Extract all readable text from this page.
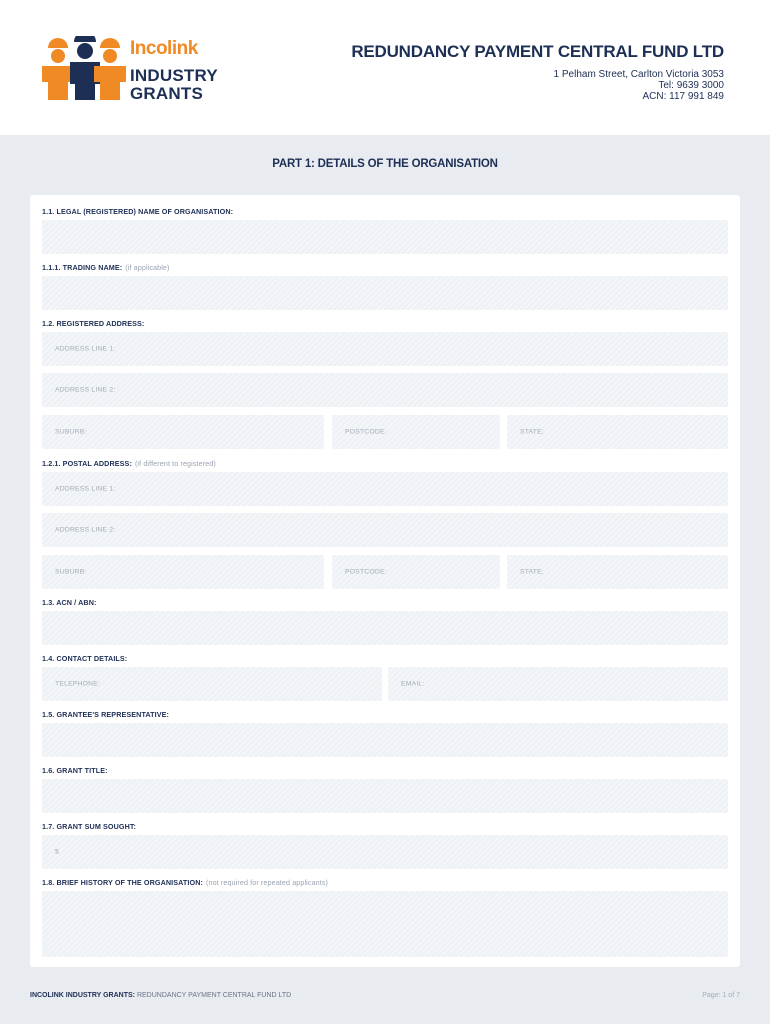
Incolink
INDUSTRY
GRANTS
REDUNDANCY PAYMENT CENTRAL FUND LTD
1 Pelham Street, Carlton Victoria 3053
Tel: 9639 3000
ACN: 117 991 849
PART 1: DETAILS OF THE ORGANISATION
1.1. LEGAL (REGISTERED) NAME OF ORGANISATION:
1.1.1. TRADING NAME: (if applicable)
1.2. REGISTERED ADDRESS:
ADDRESS LINE 1:
ADDRESS LINE 2:
SUBURB:	POSTCODE:	STATE:
1.2.1. POSTAL ADDRESS: (if different to registered)
ADDRESS LINE 1:
ADDRESS LINE 2:
SUBURB:	POSTCODE:	STATE:
1.3. ACN / ABN:
1.4. CONTACT DETAILS:
TELEPHONE:	EMAIL:
1.5. GRANTEE'S REPRESENTATIVE:
1.6. GRANT TITLE:
1.7. GRANT SUM SOUGHT:
$
1.8. BRIEF HISTORY OF THE ORGANISATION: (not required for repeated applicants)
INCOLINK INDUSTRY GRANTS: REDUNDANCY PAYMENT CENTRAL FUND LTD	Page: 1 of 7
